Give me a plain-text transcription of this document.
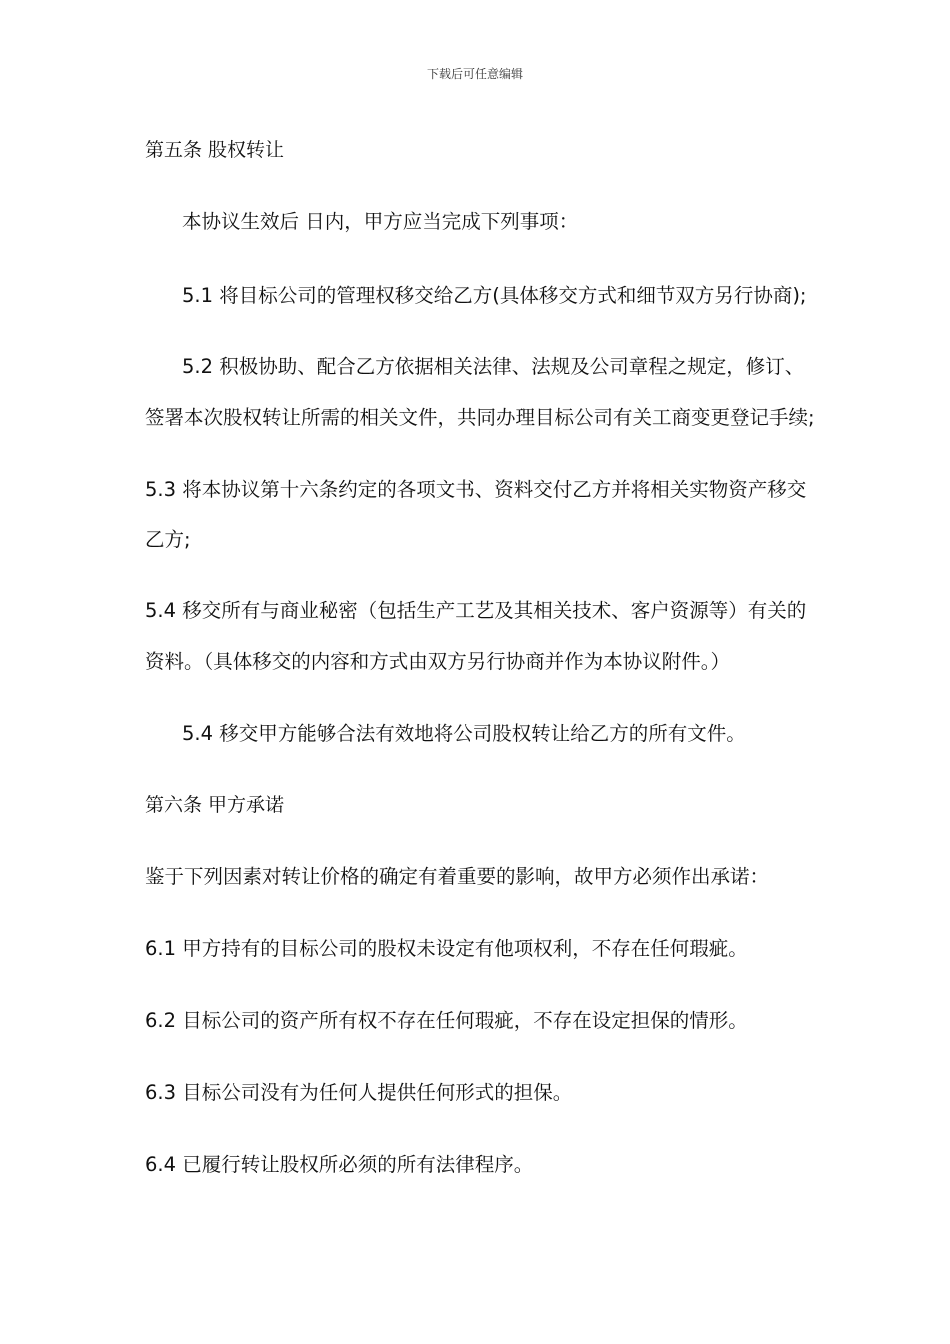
下载后可任意编辑
第五条 股权转让
本协议生效后 日内，甲方应当完成下列事项：
5.1 将目标公司的管理权移交给乙方(具体移交方式和细节双方另行协商);
5.2 积极协助、配合乙方依据相关法律、法规及公司章程之规定，修订、
签署本次股权转让所需的相关文件，共同办理目标公司有关工商变更登记手续;
5.3 将本协议第十六条约定的各项文书、资料交付乙方并将相关实物资产移交
乙方;
5.4 移交所有与商业秘密（包括生产工艺及其相关技术、客户资源等）有关的
资料。（具体移交的内容和方式由双方另行协商并作为本协议附件。）
5.4 移交甲方能够合法有效地将公司股权转让给乙方的所有文件。
第六条 甲方承诺
鉴于下列因素对转让价格的确定有着重要的影响，故甲方必须作出承诺：
6.1 甲方持有的目标公司的股权未设定有他项权利，不存在任何瑕疵。
6.2 目标公司的资产所有权不存在任何瑕疵，不存在设定担保的情形。
6.3 目标公司没有为任何人提供任何形式的担保。
6.4 已履行转让股权所必须的所有法律程序。
